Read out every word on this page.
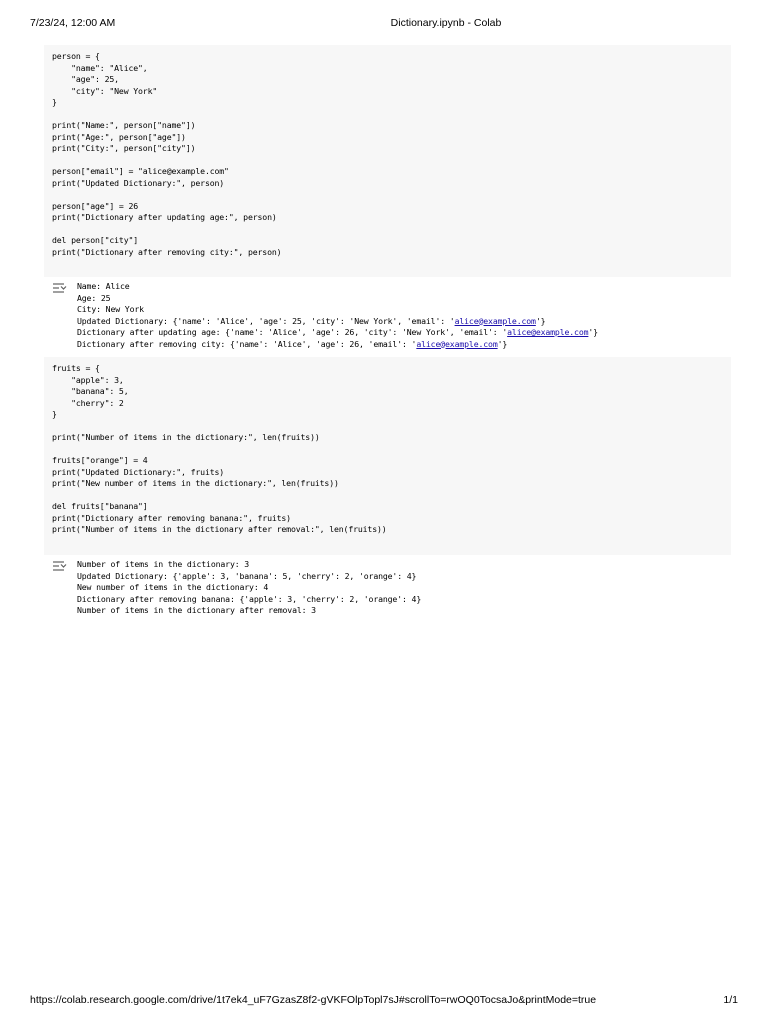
7/23/24, 12:00 AM	Dictionary.ipynb - Colab
person = {
"name": "Alice",
"age": 25,
"city": "New York"
}
print("Name:", person["name"])
print("Age:", person["age"])
print("City:", person["city"])
person["email"] = "alice@example.com"
print("Updated Dictionary:", person)
person["age"] = 26
print("Dictionary after updating age:", person)
del person["city"]
print("Dictionary after removing city:", person)
Name: Alice
Age: 25
City: New York
Updated Dictionary: {'name': 'Alice', 'age': 25, 'city': 'New York', 'email': 'alice@example.com'}
Dictionary after updating age: {'name': 'Alice', 'age': 26, 'city': 'New York', 'email': 'alice@example.com'}
Dictionary after removing city: {'name': 'Alice', 'age': 26, 'email': 'alice@example.com'}
fruits = {
"apple": 3,
"banana": 5,
"cherry": 2
}
print("Number of items in the dictionary:", len(fruits))
fruits["orange"] = 4
print("Updated Dictionary:", fruits)
print("New number of items in the dictionary:", len(fruits))
del fruits["banana"]
print("Dictionary after removing banana:", fruits)
print("Number of items in the dictionary after removal:", len(fruits))
Number of items in the dictionary: 3
Updated Dictionary: {'apple': 3, 'banana': 5, 'cherry': 2, 'orange': 4}
New number of items in the dictionary: 4
Dictionary after removing banana: {'apple': 3, 'cherry': 2, 'orange': 4}
Number of items in the dictionary after removal: 3
https://colab.research.google.com/drive/1t7ek4_uF7GzasZ8f2-gVKFOlpTopl7sJ#scrollTo=rwOQ0TocsaJo&printMode=true	1/1
